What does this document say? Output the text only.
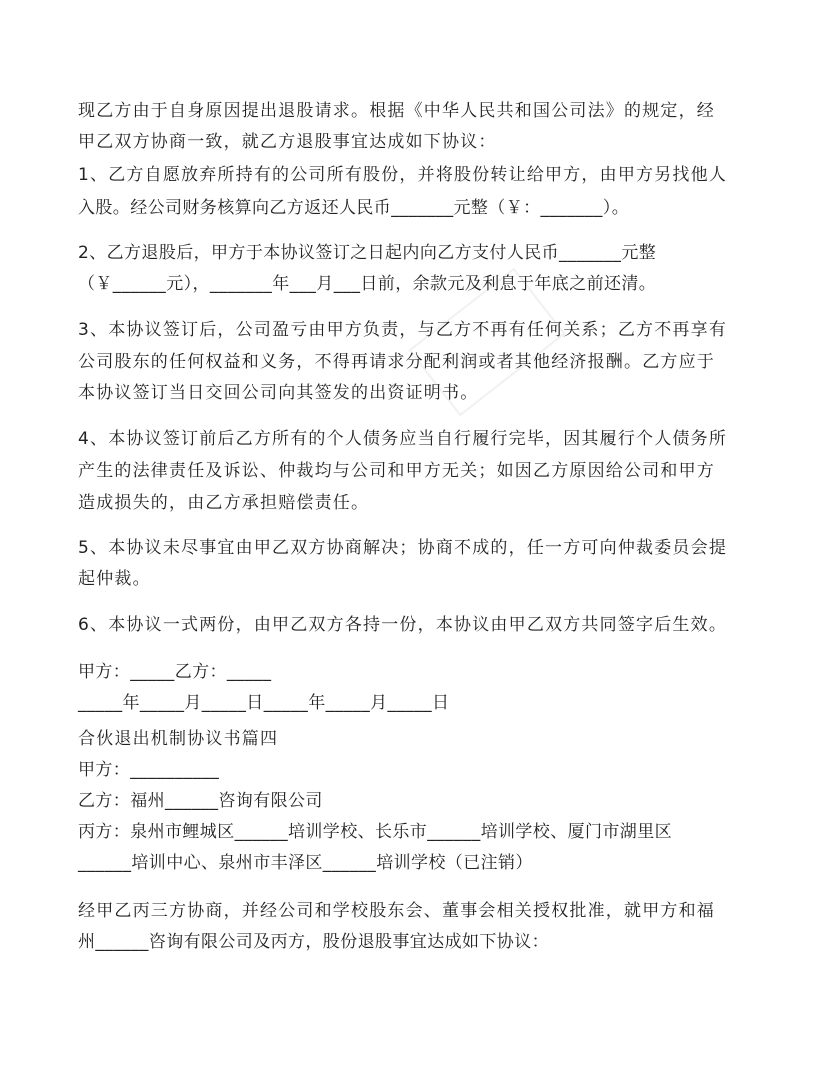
现乙方由于自身原因提出退股请求。根据《中华人民共和国公司法》的规定，经
甲乙双方协商一致，就乙方退股事宜达成如下协议：
1、乙方自愿放弃所持有的公司所有股份，并将股份转让给甲方，由甲方另找他人
入股。经公司财务核算向乙方返还人民币_______元整（￥：_______）。
2、乙方退股后，甲方于本协议签订之日起内向乙方支付人民币_______元整
（￥______元），_______年___月___日前，余款元及利息于年底之前还清。
3、本协议签订后，公司盈亏由甲方负责，与乙方不再有任何关系；乙方不再享有
公司股东的任何权益和义务，不得再请求分配利润或者其他经济报酬。乙方应于
本协议签订当日交回公司向其签发的出资证明书。
4、本协议签订前后乙方所有的个人债务应当自行履行完毕，因其履行个人债务所
产生的法律责任及诉讼、仲裁均与公司和甲方无关；如因乙方原因给公司和甲方
造成损失的，由乙方承担赔偿责任。
5、本协议未尽事宜由甲乙双方协商解决；协商不成的，任一方可向仲裁委员会提
起仲裁。
6、本协议一式两份，由甲乙双方各持一份，本协议由甲乙双方共同签字后生效。
甲方：_____乙方：_____
_____年_____月_____日_____年_____月_____日
合伙退出机制协议书篇四
甲方：__________
乙方：福州______咨询有限公司
丙方：泉州市鲤城区______培训学校、长乐市______培训学校、厦门市湖里区
______培训中心、泉州市丰泽区______培训学校（已注销）
经甲乙丙三方协商，并经公司和学校股东会、董事会相关授权批准，就甲方和福
州______咨询有限公司及丙方，股份退股事宜达成如下协议：
